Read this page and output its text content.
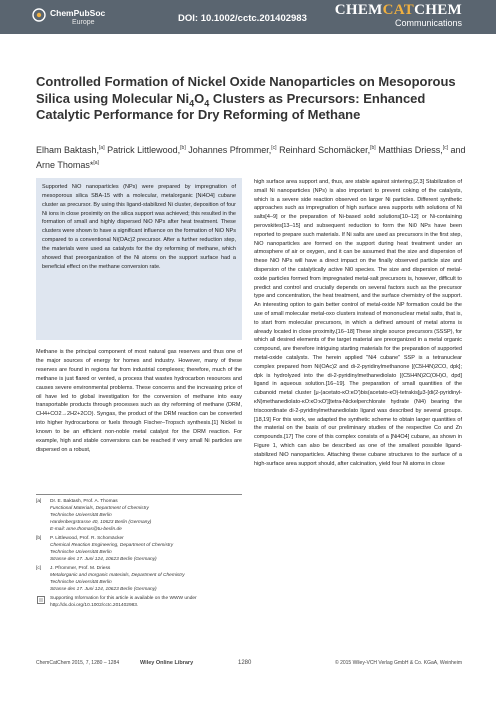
ChemPubSoc
Europe	DOI: 10.1002/cctc.201402983
CHEMCATCHEM
Communications
Controlled Formation of Nickel Oxide Nanoparticles on Mesoporous Silica using Molecular $Ni_4O_4$ Clusters as Precursors: Enhanced Catalytic Performance for Dry Reforming of Methane
Elham Baktash,[a] Patrick Littlewood,[b] Johannes Pfrommer,[c] Reinhard Schomäcker,[b] Matthias Driess,[c] and Arne Thomas*[a]

Supported NiO nanoparticles (NPs) were prepared by impregnation of mesoporous silica SBA-15 with a molecular, metalorganic [Ni4O4] cubane cluster as precursor. By using this ligand-stabilized Ni cluster, deposition of four Ni ions in close proximity on the silica support was achieved; this resulted in the formation of small and highly dispersed NiO NPs after heat treatment. These clusters were shown to have a significant influence on the formation of NiO NPs compared to a conventional Ni(OAc)2 precursor. After a further reduction step, the materials were used as catalysts for the dry reforming of methane, which showed that preorganization of the Ni atoms on the support surface had a beneficial effect on the methane conversion rate.

Methane is the principal component of most natural gas reserves and thus one of the major sources of energy for homes and industry. However, many of these reserves are found in regions far from industrial complexes; therefore, much of the methane is just flared or vented, a process that wastes hydrocarbon resources and causes severe environmental problems. These concerns and the increasing price of oil have led to global investigation for the conversion of methane into easy transportable products through processes such as dry reforming of methane (DRM, CH4+CO2→2H2+2CO). Syngas, the product of the DRM reaction can be converted into higher hydrocarbons or fuels through Fischer–Tropsch synthesis.[1] Nickel is known to be an efficient non-noble metal catalyst for the DRM reaction. For example, high and stable conversions can be reached if very small Ni particles are dispersed on a robust,

[a] Dr. E. Baktash, Prof. A. Thomas
Functional Materials, Department of Chemistry
Technische Universität Berlin
Hardenbergstrasse 40, 10623 Berlin (Germany)
E-mail: arne.thomas@tu-berlin.de
[b] P. Littlewood, Prof. R. Schomäcker
Chemical Reaction Engineering, Department of Chemistry
Technische Universität Berlin
Strasse des 17. Juni 124, 10623 Berlin (Germany)
[c] J. Pfrommer, Prof. M. Driess
Metalorganic and Inorganic materials, Department of Chemistry
Technische Universität Berlin
Strasse des 17. Juni 124, 10623 Berlin (Germany)
Supporting Information for this article is available on the WWW under http://dx.doi.org/10.1002/cctc.201402983.

high surface area support and, thus, are stable against sintering.[2,3] Stabilization of small Ni nanoparticles (NPs) is also important to prevent coking of the catalysts, which is a severe side reaction observed on larger Ni particles. Different synthetic approaches such as impregnation of high surface area supports with solutions of Ni salts[4–9] or the preparation of Ni-based solid solutions[10–12] or Ni-containing perovskites[13–15] and subsequent reduction to form the Ni0 NPs have been reported to prepare such materials. If Ni salts are used as precursors in the first step, NiO nanoparticles are formed on the support during heat treatment under an atmosphere of air or oxygen, and it can be assumed that the size and dispersion of these NiO NPs will have a direct impact on the finally observed particle size and dispersion of the catalytically active Ni0 species. The size and dispersion of metal-oxide particles formed from impregnated metal-salt precursors is, however, difficult to predict and control and crucially depends on several factors such as the precursor type and concentration, the heat treatment, and the surface chemistry of the support. An interesting option to gain better control of metal-oxide NP formation could be the use of small molecular metal-oxo clusters instead of mononuclear metal salts, that is, to start from molecular precursors, in which a defined amount of metal atoms is already located in close proximity.[16–18] These single source precursors (SSSP), for which all desired elements of the target material are preorganized in a metal organic compound, are therefore intriguing starting materials for the preparation of supported metal-oxide catalysts. The herein applied "Ni4 cubane" SSP is a tetranuclear complex prepared from Ni(OAc)2 and di-2-pyridinylmethanone [(C5H4N)2CO, dpk]; dpk is hydrolyzed into the di-2-pyridinylmethanediolato [(C5H4N)2C(OH)O, dpd] ligand in aqueous solution.[16–19]. The preparation of small quantities of the cubanoid metal cluster [μ-(acetato-κO:κO')bis(acetato-κO)-tetrakis[μ3-[di(2-pyridinyl-κN)methanediolato-κO:κO:κO']]tetra-Nickelperchlorate hydrate (Ni4) bearing the triscoordinate di-2-pyridinylmethanediolato ligand was described by several groups.[18,19] For this work, we adapted the synthetic scheme to obtain larger quantities of the material on the basis of our preliminary studies of the respective Co and Zn compounds.[17] The core of this complex consists of a [Ni4O4] cubane, as shown in Figure 1, which can also be described as one of the smallest possible ligand-stabilized NiO nanoparticles. Attaching these cubane structures to the surface of a high-surface area support should, after calcination, yield four Ni atoms in close

ChemCatChem 2015, 7, 1280 – 1284	Wiley Online Library	1280	© 2015 Wiley-VCH Verlag GmbH & Co. KGaA, Weinheim
